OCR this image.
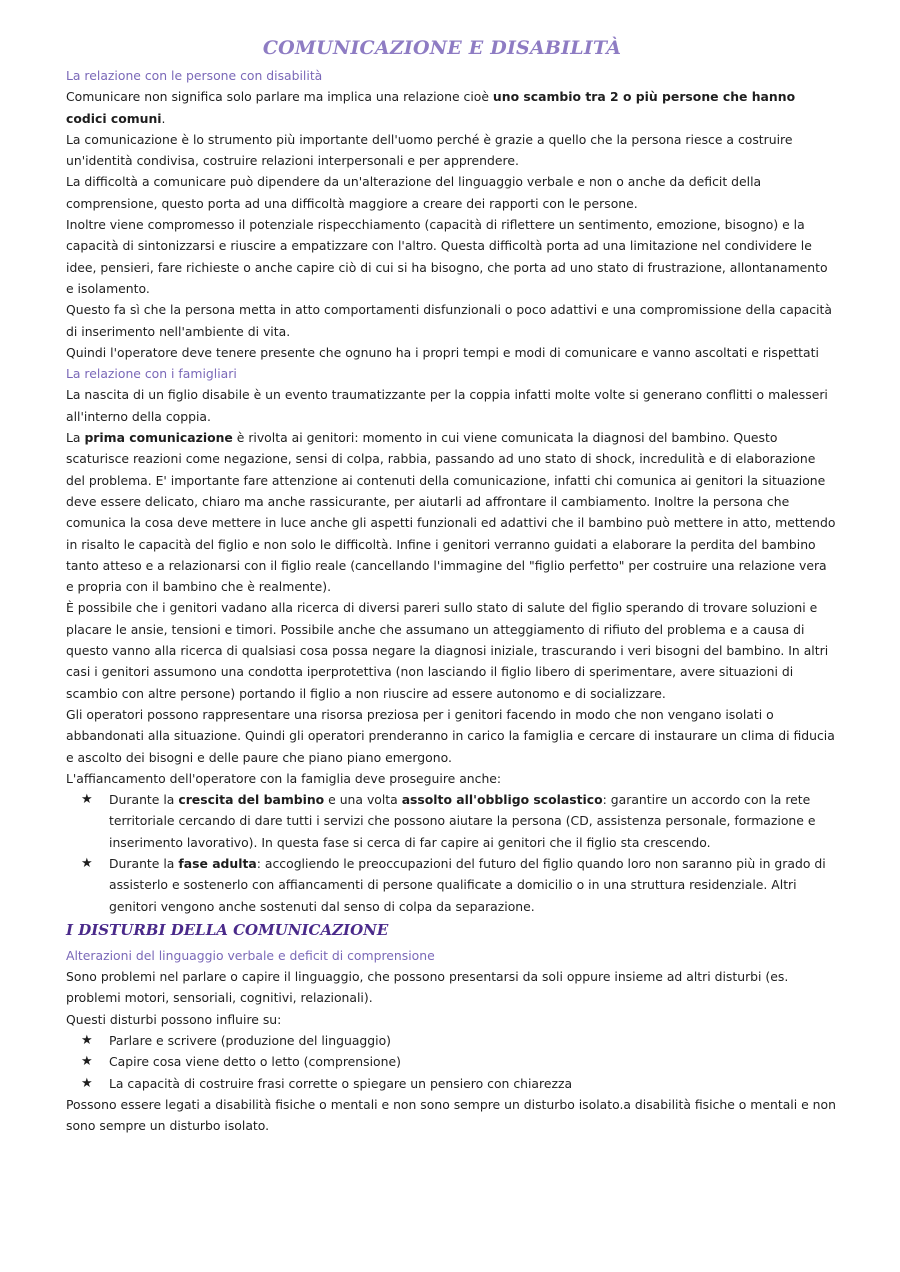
COMUNICAZIONE E DISABILITÀ

La relazione con le persone con disabilità

Comunicare non significa solo parlare ma implica una relazione cioè uno scambio tra 2 o più persone che hanno codici comuni.

La comunicazione è lo strumento più importante dell'uomo perché è grazie a quello che la persona riesce a costruire un'identità condivisa, costruire relazioni interpersonali e per apprendere.

La difficoltà a comunicare può dipendere da un'alterazione del linguaggio verbale e non o anche da deficit della comprensione, questo porta ad una difficoltà maggiore a creare dei rapporti con le persone.

Inoltre viene compromesso il potenziale rispecchiamento (capacità di riflettere un sentimento, emozione, bisogno) e la capacità di sintonizzarsi e riuscire a empatizzare con l'altro. Questa difficoltà porta ad una limitazione nel condividere le idee, pensieri, fare richieste o anche capire ciò di cui si ha bisogno, che porta ad uno stato di frustrazione, allontanamento e isolamento.

Questo fa sì che la persona metta in atto comportamenti disfunzionali o poco adattivi e una compromissione della capacità di inserimento nell'ambiente di vita.

Quindi l'operatore deve tenere presente che ognuno ha i propri tempi e modi di comunicare e vanno ascoltati e rispettati

La relazione con i famigliari

La nascita di un figlio disabile è un evento traumatizzante per la coppia infatti molte volte si generano conflitti o malesseri all'interno della coppia.

La prima comunicazione è rivolta ai genitori: momento in cui viene comunicata la diagnosi del bambino. Questo scaturisce reazioni come negazione, sensi di colpa, rabbia, passando ad uno stato di shock, incredulità e di elaborazione del problema. E' importante fare attenzione ai contenuti della comunicazione, infatti chi comunica ai genitori la situazione deve essere delicato, chiaro ma anche rassicurante, per aiutarli ad affrontare il cambiamento. Inoltre la persona che comunica la cosa deve mettere in luce anche gli aspetti funzionali ed adattivi che il bambino può mettere in atto, mettendo in risalto le capacità del figlio e non solo le difficoltà. Infine i genitori verranno guidati a elaborare la perdita del bambino tanto atteso e a relazionarsi con il figlio reale (cancellando l'immagine del "figlio perfetto" per costruire una relazione vera e propria con il bambino che è realmente).

È possibile che i genitori vadano alla ricerca di diversi pareri sullo stato di salute del figlio sperando di trovare soluzioni e placare le ansie, tensioni e timori. Possibile anche che assumano un atteggiamento di rifiuto del problema e a causa di questo vanno alla ricerca di qualsiasi cosa possa negare la diagnosi iniziale, trascurando i veri bisogni del bambino. In altri casi i genitori assumono una condotta iperprotettiva (non lasciando il figlio libero di sperimentare, avere situazioni di scambio con altre persone) portando il figlio a non riuscire ad essere autonomo e di socializzare.

Gli operatori possono rappresentare una risorsa preziosa per i genitori facendo in modo che non vengano isolati o abbandonati alla situazione. Quindi gli operatori prenderanno in carico la famiglia e cercare di instaurare un clima di fiducia e ascolto dei bisogni e delle paure che piano piano emergono.

L'affiancamento dell'operatore con la famiglia deve proseguire anche:

★ Durante la crescita del bambino e una volta assolto all'obbligo scolastico: garantire un accordo con la rete territoriale cercando di dare tutti i servizi che possono aiutare la persona (CD, assistenza personale, formazione e inserimento lavorativo). In questa fase si cerca di far capire ai genitori che il figlio sta crescendo.
★ Durante la fase adulta: accogliendo le preoccupazioni del futuro del figlio quando loro non saranno più in grado di assisterlo e sostenerlo con affiancamenti di persone qualificate a domicilio o in una struttura residenziale. Altri genitori vengono anche sostenuti dal senso di colpa da separazione.
I DISTURBI DELLA COMUNICAZIONE

Alterazioni del linguaggio verbale e deficit di comprensione

Sono problemi nel parlare o capire il linguaggio, che possono presentarsi da soli oppure insieme ad altri disturbi (es. problemi motori, sensoriali, cognitivi, relazionali).

Questi disturbi possono influire su:

★ Parlare e scrivere (produzione del linguaggio)
★ Capire cosa viene detto o letto (comprensione)
★ La capacità di costruire frasi corrette o spiegare un pensiero con chiarezza

Possono essere legati a disabilità fisiche o mentali e non sono sempre un disturbo isolato.a disabilità fisiche o mentali e non sono sempre un disturbo isolato.
